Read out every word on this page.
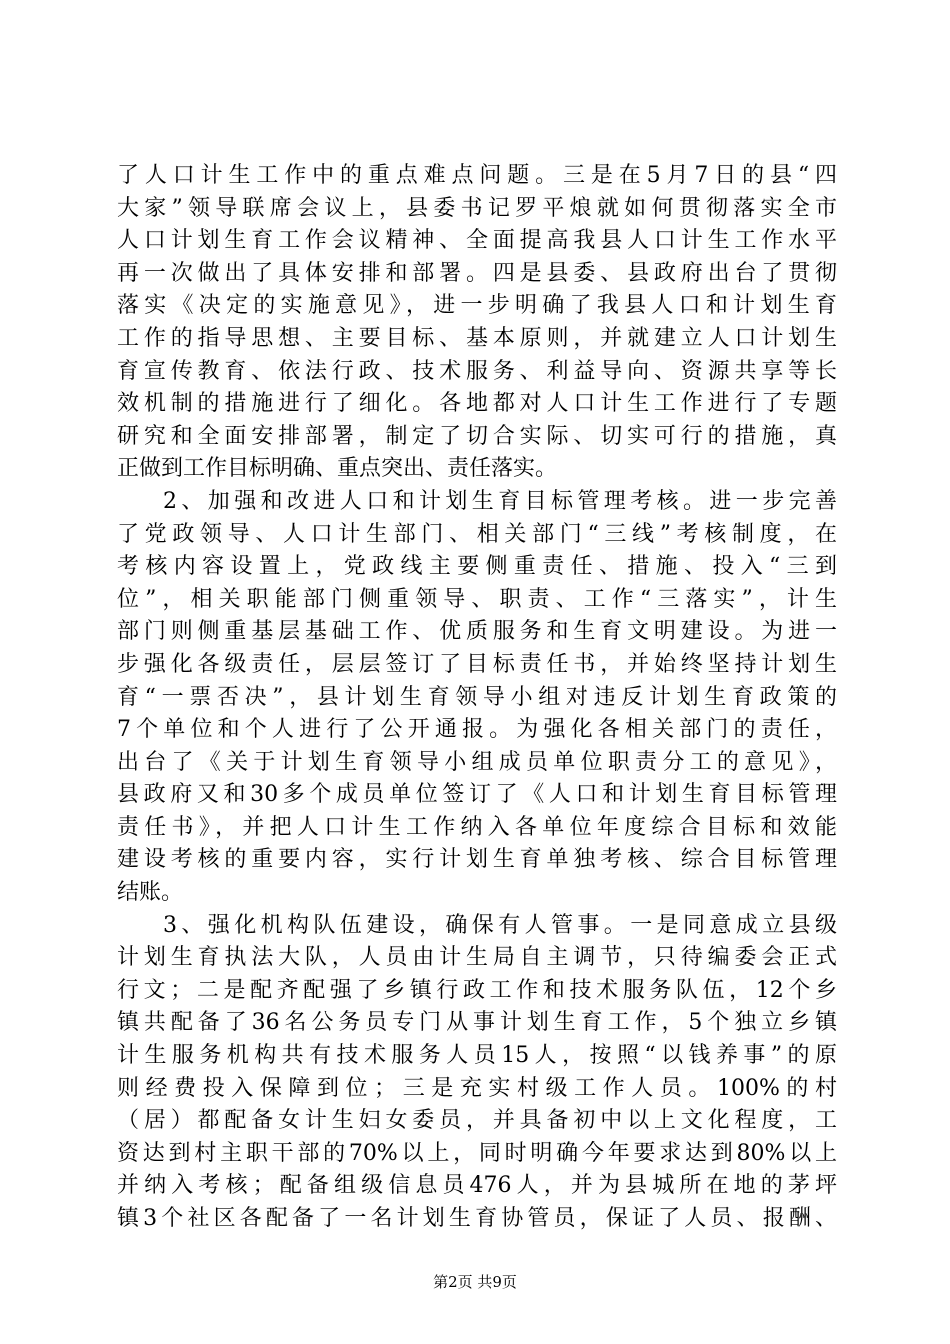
了人口计生工作中的重点难点问题。三是在5月7日的县“四
大家”领导联席会议上，县委书记罗平烺就如何贯彻落实全市
人口计划生育工作会议精神、全面提高我县人口计生工作水平
再一次做出了具体安排和部署。四是县委、县政府出台了贯彻
落实《决定的实施意见》，进一步明确了我县人口和计划生育
工作的指导思想、主要目标、基本原则，并就建立人口计划生
育宣传教育、依法行政、技术服务、利益导向、资源共享等长
效机制的措施进行了细化。各地都对人口计生工作进行了专题
研究和全面安排部署，制定了切合实际、切实可行的措施，真
正做到工作目标明确、重点突出、责任落实。
2、加强和改进人口和计划生育目标管理考核。进一步完善
了党政领导、人口计生部门、相关部门“三线”考核制度，在
考核内容设置上，党政线主要侧重责任、措施、投入“三到
位”，相关职能部门侧重领导、职责、工作“三落实”，计生
部门则侧重基层基础工作、优质服务和生育文明建设。为进一
步强化各级责任，层层签订了目标责任书，并始终坚持计划生
育“一票否决”，县计划生育领导小组对违反计划生育政策的
7个单位和个人进行了公开通报。为强化各相关部门的责任，
出台了《关于计划生育领导小组成员单位职责分工的意见》，
县政府又和30多个成员单位签订了《人口和计划生育目标管理
责任书》，并把人口计生工作纳入各单位年度综合目标和效能
建设考核的重要内容，实行计划生育单独考核、综合目标管理
结账。
3、强化机构队伍建设，确保有人管事。一是同意成立县级
计划生育执法大队，人员由计生局自主调节，只待编委会正式
行文；二是配齐配强了乡镇行政工作和技术服务队伍，12个乡
镇共配备了36名公务员专门从事计划生育工作，5个独立乡镇
计生服务机构共有技术服务人员15人，按照“以钱养事”的原
则经费投入保障到位；三是充实村级工作人员。100%的村
（居）都配备女计生妇女委员，并具备初中以上文化程度，工
资达到村主职干部的70%以上，同时明确今年要求达到80%以上
并纳入考核；配备组级信息员476人，并为县城所在地的茅坪
镇3个社区各配备了一名计划生育协管员，保证了人员、报酬、
第2页 共9页
